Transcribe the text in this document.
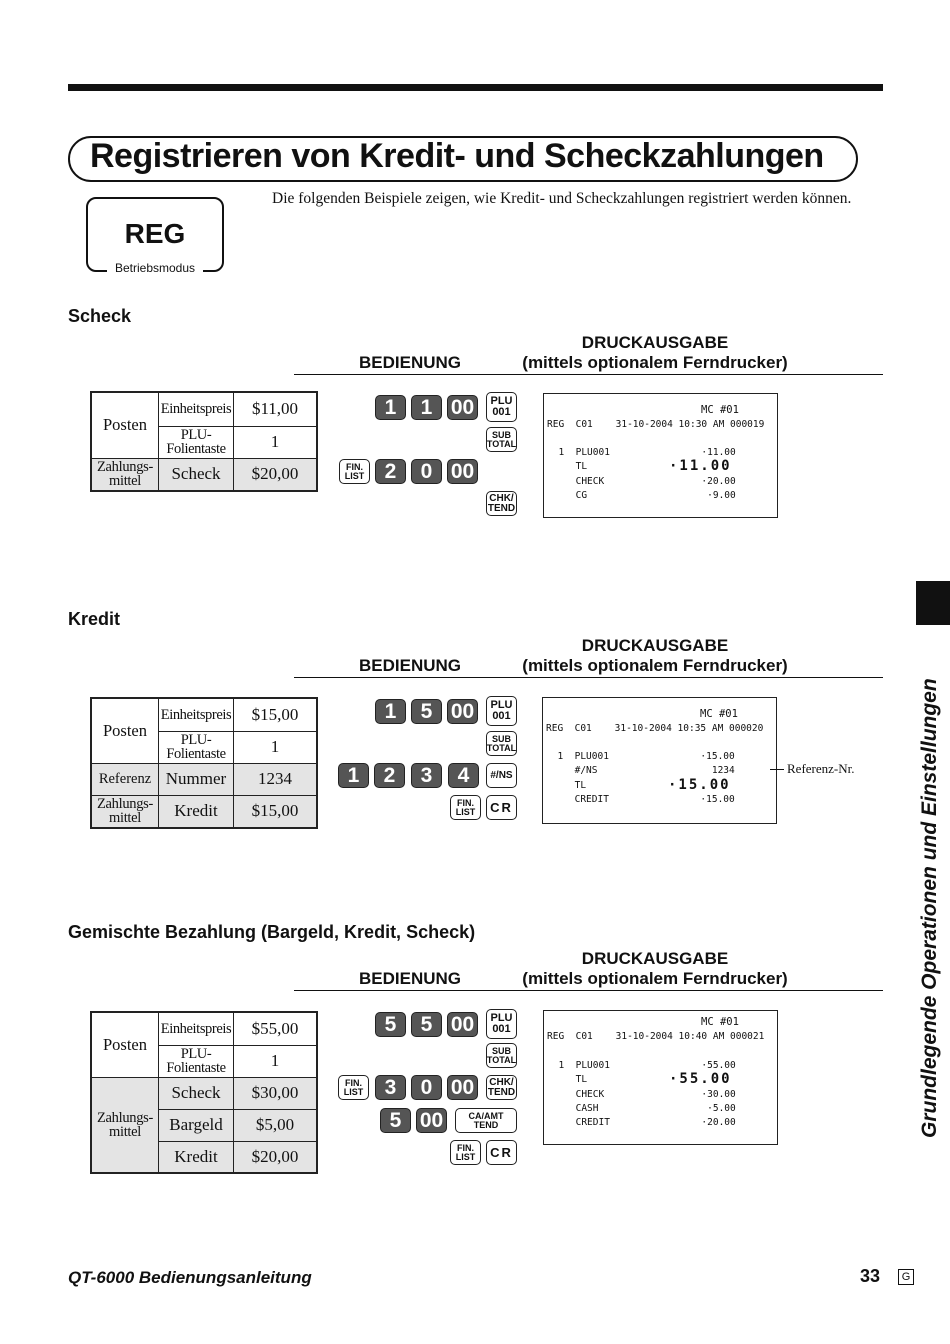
Registrieren von Kredit- und Scheckzahlungen
REG
Betriebsmodus
Die folgenden Beispiele zeigen, wie Kredit- und Scheckzahlungen registriert werden können.
Grundlegende Operationen und Einstellungen
Scheck
DRUCKAUSGABE
BEDIENUNG	(mittels optionalem Ferndrucker)
Posten	Einheitspreis	$11,00
	PLU-
Folientaste	1
Zahlungs-
mittel	Scheck	$20,00
1	1 00	PLU
001
SUB
TOTAL
FIN.
LIST 2	0 00
CHK/
TEND
MC #01
REG  C01    31-10-2004 10:30 AM 000019
1  PLU001                ·11.00
TL	·11.00
CHECK                 ·20.00
CG                     ·9.00
Kredit
DRUCKAUSGABE
BEDIENUNG	(mittels optionalem Ferndrucker)
Posten	Einheitspreis	$15,00
	PLU-
Folientaste	1
Referenz	Nummer	1234
Zahlungs-
mittel	Kredit	$15,00
1	5 00	PLU
001
SUB
TOTAL
1	2	3	4	#/NS
FIN.
LIST	CR
MC #01
REG  C01    31-10-2004 10:35 AM 000020
1  PLU001                ·15.00
#/NS                    1234
TL	·15.00
CREDIT                ·15.00
Referenz-Nr.
Gemischte Bezahlung (Bargeld, Kredit, Scheck)
DRUCKAUSGABE
BEDIENUNG	(mittels optionalem Ferndrucker)
Posten	Einheitspreis	$55,00
	PLU-
Folientaste	1
Zahlungs-
mittel	Scheck	$30,00
	Bargeld	$5,00
	Kredit	$20,00
5	5 00	PLU
001
SUB
TOTAL
FIN.
LIST	3	0 00	CHK/
TEND
5 00	CA/AMT
TEND
FIN.
LIST	CR
MC #01
REG  C01    31-10-2004 10:40 AM 000021
1  PLU001                ·55.00
TL	·55.00
CHECK                 ·30.00
CASH                   ·5.00
CREDIT                ·20.00
QT-6000 Bedienungsanleitung	33	G
